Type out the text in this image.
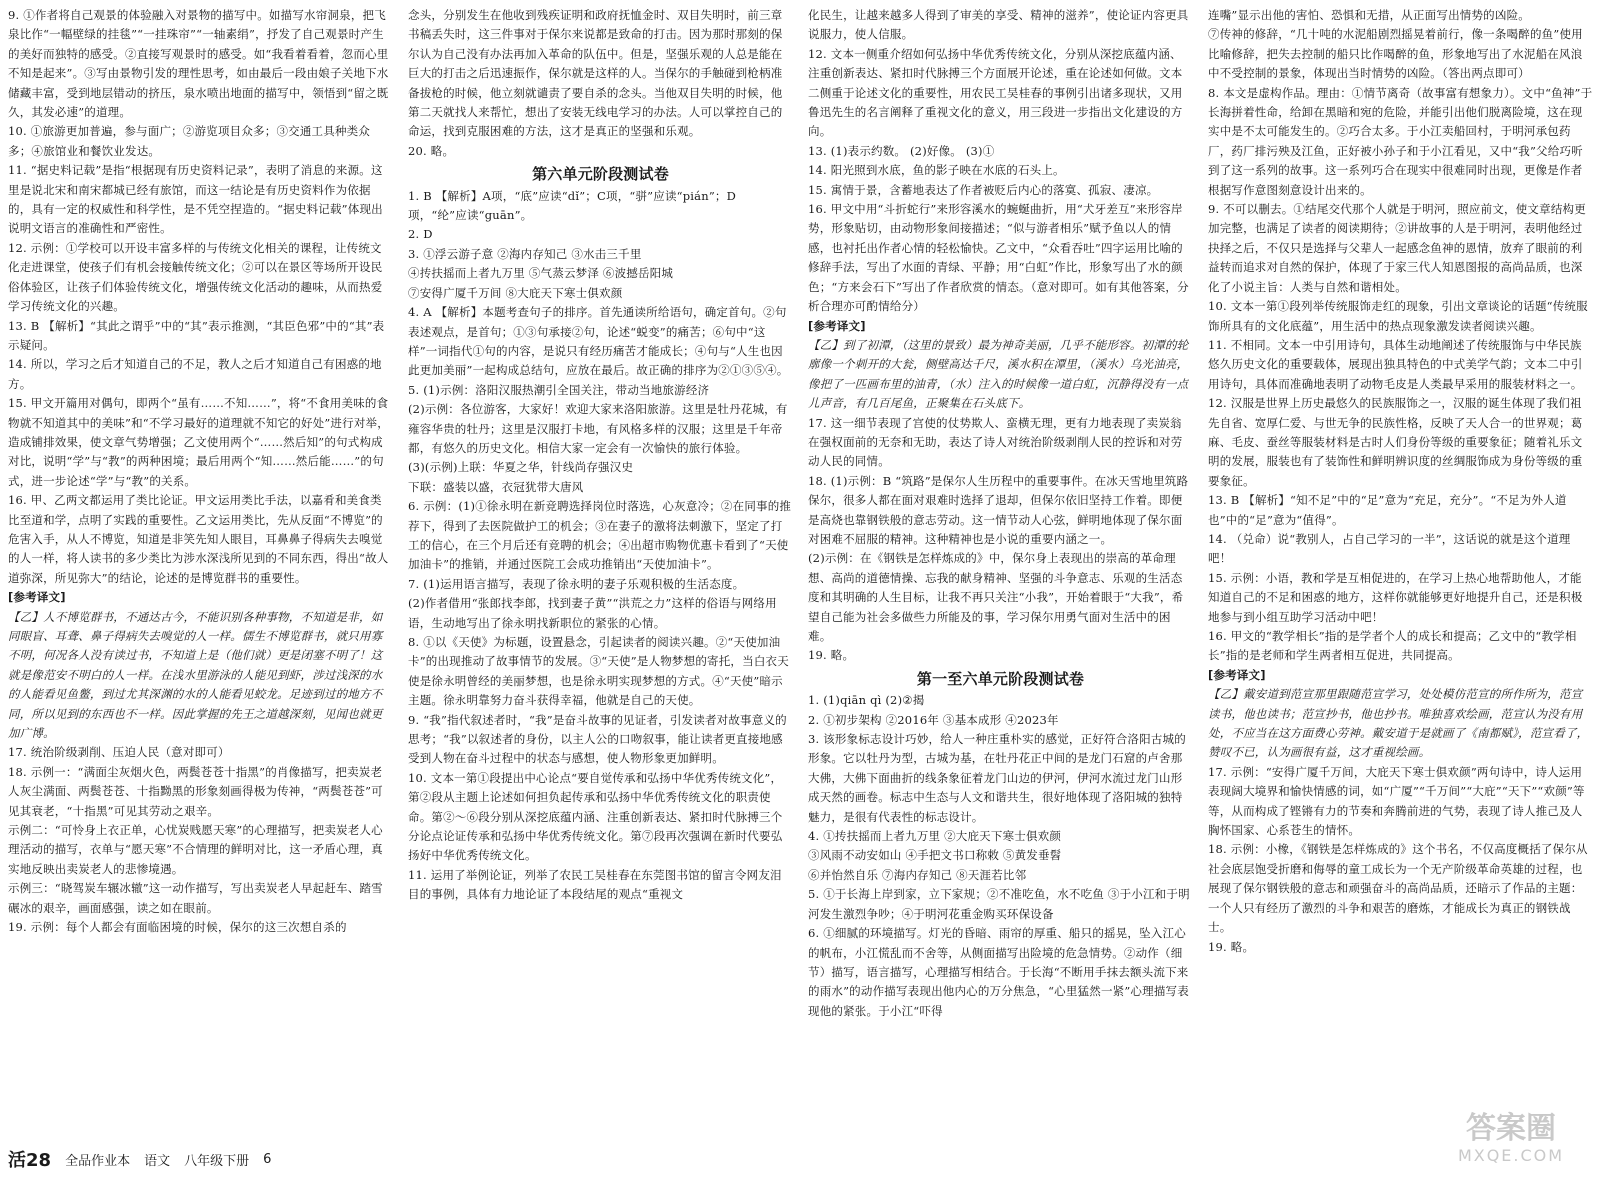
9. ①作者将自己观景的体验融入对景物的描写中。如描写水帘洞泉，把飞泉比作“一幅壁绿的挂毯”“一挂珠帘”“一轴素绢”，抒发了自己观景时产生的美好而独特的感受。②直接写观景时的感受。如“我看着看着，忽而心里不知是起来”。③写由景物引发的理性思考，如由最后一段由娘子关地下水储藏丰富，受到地层错动的挤压，泉水喷出地面的描写中，领悟到“留之既久，其发必速”的道理。
10. ①旅游更加普遍，参与面广；②游览项目众多；③交通工具种类众多；④旅馆业和餐饮业发达。
11. “据史料记载”是指“根据现有历史资料记录”，表明了消息的来源。这里是说北宋和南宋都城已经有旅馆，而这一结论是有历史资料作为依据的，具有一定的权威性和科学性，是不凭空捏造的。“据史料记载”体现出说明文语言的准确性和严密性。
12. 示例：①学校可以开设丰富多样的与传统文化相关的课程，让传统文化走进课堂，使孩子们有机会接触传统文化；②可以在景区等场所开设民俗体验区，让孩子们体验传统文化，增强传统文化活动的趣味，从而热爱学习传统文化的兴趣。
13. B 【解析】“其此之谓乎”中的“其”表示推测，“其臣色邪”中的“其”表示疑问。
14. 所以，学习之后才知道自己的不足，教人之后才知道自己有困惑的地方。
15. 甲文开篇用对偶句，即两个“虽有……不知……”，将“不食用美味的食物就不知道其中的美味”和“不学习最好的道理就不知它的好处”进行对举，造成铺排效果，使文章气势增强；乙文使用两个“……然后知”的句式构成对比，说明“学”与“教”的两种困境；最后用两个“知……然后能……”的句式，进一步论述“学”与“教”的关系。
16. 甲、乙两文都运用了类比论证。甲文运用类比手法，以嘉肴和美食类比至道和学，点明了实践的重要性。乙文运用类比，先从反面“不博览”的危害入手，从人不博览，知道是非笑先知人眼目，耳鼻鼻子得病失去嗅觉的人一样，将人读书的多少类比为涉水深浅所见到的不同东西，得出“故人道弥深，所见弥大”的结论，论述的是博览群书的重要性。
[参考译文]
【乙】人不博览群书，不通达古今，不能识别各种事物，不知道是非，如同眼盲、耳聋、鼻子得病失去嗅觉的人一样。儒生不博览群书，就只用寡不明，何况各人没有读过书，不知道上是（他们就）更是闭塞不明了！这就是像范安不明白的人一样。在浅水里游泳的人能见到虾，涉过浅深的水的人能看见鱼鳖，到过尤其深渊的水的人能看见蛟龙。足迹到过的地方不同，所以见到的东西也不一样。因此掌握的先王之道越深刻，见闻也就更加广博。
17. 统治阶级剥削、压迫人民（意对即可）
18. 示例一：“满面尘灰烟火色，两鬓苍苍十指黑”的肖像描写，把卖炭老人灰尘满面、两鬓苍苍、十指黝黑的形象刻画得极为传神，“两鬓苍苍”可见其衰老，“十指黑”可见其劳动之艰辛。
示例二：“可怜身上衣正单，心忧炭贱愿天寒”的心理描写，把卖炭老人心理活动的描写，衣单与“愿天寒”不合情理的鲜明对比，这一矛盾心理，真实地反映出卖炭老人的悲惨境遇。
示例三：“晓驾炭车辗冰辙”这一动作描写，写出卖炭老人早起赶车、踏雪碾冰的艰辛，画面感强，读之如在眼前。
19. 示例：每个人都会有面临困境的时候，保尔的这三次想自杀的
念头，分别发生在他收到残疾证明和政府抚恤金时、双目失明时，前三章书稿丢失时，这三件事对于保尔来说都是致命的打击。因为那时那刻的保尔认为自己没有办法再加入革命的队伍中。但是，坚强乐观的人总是能在巨大的打击之后迅速振作，保尔就是这样的人。当保尔的手触碰到枪柄准备拔枪的时候，他立刻就谴责了要自杀的念头。当他双目失明的时候，他第二天就找人来帮忙，想出了安装无线电学习的办法。人可以掌控自己的命运，找到克服困难的方法，这才是真正的坚强和乐观。
20. 略。
第六单元阶段测试卷
1. B 【解析】A项，“底”应读“dǐ”；C项，“骈”应读“pián”；D项，“纶”应读“guān”。
2. D
3. ①浮云游子意 ②海内存知己 ③水击三千里
④抟扶摇而上者九万里 ⑤气蒸云梦泽 ⑥波撼岳阳城
⑦安得广厦千万间 ⑧大庇天下寒士俱欢颜
4. A 【解析】本题考查句子的排序。首先通读所给语句，确定首句。②句表述观点，是首句；①③句承接②句，论述“蜕变”的痛苦；⑥句中“这样”一词指代①句的内容，是说只有经历痛苦才能成长；④句与“人生也因此更加美丽”一起构成总结句，应放在最后。故正确的排序为②①③⑤④。
5. (1)示例：洛阳汉服热潮引全国关注，带动当地旅游经济
(2)示例：各位游客，大家好！欢迎大家来洛阳旅游。这里是牡丹花城，有雍容华贵的牡丹；这里是汉服打卡地，有风格多样的汉服；这里是千年帝都，有悠久的历史文化。相信大家一定会有一次愉快的旅行体验。
(3)(示例)上联：华夏之华，针线尚存强汉史
下联：盛装以盛，衣冠犹带大唐风
6. 示例：(1)①徐永明在新竞聘选择岗位时落选，心灰意冷；②在同事的推荐下，得到了去医院做护工的机会；③在妻子的激将法刺激下，坚定了打工的信心，在三个月后还有竞聘的机会；④出超市购物优惠卡看到了“天使加油卡”的推销，并通过医院工会成功推销出“天使加油卡”。
7. (1)运用语言描写，表现了徐永明的妻子乐观积极的生活态度。
(2)作者借用“张郎找李郎，找到妻子黄”“洪荒之力”这样的俗语与网络用语，生动地写出了徐永明找新职位的紧张的心情。
8. ①以《天使》为标题，设置悬念，引起读者的阅读兴趣。②“天使加油卡”的出现推动了故事情节的发展。③“天使”是人物梦想的寄托，当白衣天使是徐永明曾经的美丽梦想，也是徐永明实现梦想的方式。④“天使”暗示主题。徐永明靠努力奋斗获得幸福，他就是自己的天使。
9. “我”指代叙述者时，“我”是奋斗故事的见证者，引发读者对故事意义的思考；“我”以叙述者的身份，以主人公的口吻叙事，能让读者更直接地感受到人物在奋斗过程中的状态与感想，使人物形象更加鲜明。
10. 文本一第①段提出中心论点“要自觉传承和弘扬中华优秀传统文化”，第②段从主题上论述如何担负起传承和弘扬中华优秀传统文化的职责使命。第②～⑥段分别从深挖底蕴内涵、注重创新表达、紧扣时代脉搏三个分论点论证传承和弘扬中华优秀传统文化。第⑦段再次强调在新时代要弘扬好中华优秀传统文化。
11. 运用了举例论证，列举了农民工吴桂春在东莞图书馆的留言令网友泪目的事例，具体有力地论证了本段结尾的观点“重视文
化民生，让越来越多人得到了审美的享受、精神的滋养”，使论证内容更具说服力，使人信服。
12. 文本一侧重介绍如何弘扬中华优秀传统文化，分别从深挖底蕴内涵、注重创新表达、紧扣时代脉搏三个方面展开论述，重在论述如何做。文本二侧重于论述文化的重要性，用农民工吴桂春的事例引出诸多现状，又用鲁迅先生的名言阐释了重视文化的意义，用三段进一步指出文化建设的方向。
13. (1)表示约数。 (2)好像。 (3)①
14. 阳光照到水底，鱼的影子映在水底的石头上。
15. 寓情于景，含蓄地表达了作者被贬后内心的落寞、孤寂、凄凉。
16. 甲文中用“斗折蛇行”来形容溪水的蜿蜒曲折，用“犬牙差互”来形容岸势，形象贴切，由动物形象间接描述；“似与游者相乐”赋予鱼以人的情感，也衬托出作者心情的轻松愉快。乙文中，“众看吞吐”四字运用比喻的修辞手法，写出了水面的青绿、平静；用“白虹”作比，形象写出了水的颜色；“方来会石下”写出了作者欣赏的情态。（意对即可。如有其他答案，分析合理亦可酌情给分）
[参考译文]
【乙】到了初潭，（这里的景致）最为神奇美丽，几乎不能形容。初潭的轮廓像一个刺开的大瓮，侧壁高达千尺，溪水积在潭里，（溪水）乌光油亮，像把了一匹画布里的油青，（水）注入的时候像一道白虹，沉静得没有一点儿声音，有几百尾鱼，正聚集在石头底下。
17. 这一细节表现了宫使的仗势欺人、蛮横无理，更有力地表现了卖炭翁在强权面前的无奈和无助，表达了诗人对统治阶级剥削人民的控诉和对劳动人民的同情。
18. (1)示例：B “筑路”是保尔人生历程中的重要事件。在冰天雪地里筑路保尔，很多人都在面对艰难时选择了退却，但保尔依旧坚持工作着。即便是高烧也靠钢铁般的意志劳动。这一情节动人心弦，鲜明地体现了保尔面对困难不屈服的精神。这种精神也是小说的重要内涵之一。
(2)示例：在《钢铁是怎样炼成的》中，保尔身上表现出的崇高的革命理想、高尚的道德情操、忘我的献身精神、坚强的斗争意志、乐观的生活态度和其明确的人生目标，让我不再只关注“小我”，开始着眼于“大我”，希望自己能为社会多做些力所能及的事，学习保尔用勇气面对生活中的困难。
19. 略。
第一至六单元阶段测试卷
1. (1)qiān qì (2)②揭
2. ①初步架构 ②2016年 ③基本成形 ④2023年
3. 该形象标志设计巧妙，给人一种庄重朴实的感觉，正好符合洛阳古城的形象。它以牡丹为型，古城为基，在牡丹花正中间的是龙门石窟的卢舍那大佛，大佛下面曲折的线条象征着龙门山边的伊河，伊河水流过龙门山形成天然的画卷。标志中生态与人文和谐共生，很好地体现了洛阳城的独特魅力，是很有代表性的标志设计。
4. ①抟扶摇而上者九万里 ②大庇天下寒士俱欢颜
③风雨不动安如山 ④手把文书口称敕 ⑤黄发垂髫
⑥并怡然自乐 ⑦海内存知己 ⑧天涯若比邻
5. ①于长海上岸到家，立下家规；②不准吃鱼，水不吃鱼 ③于小江和于明河发生激烈争吵；④于明河花重金购买环保设备
6. ①细腻的环境描写。灯光的昏暗、雨帘的厚重、船只的摇晃，坠入江心的帆布，小江慌乱而不舍等，从侧面描写出险境的危急情势。②动作（细节）描写，语言描写，心理描写相结合。于长海“不断用手抹去额头流下来的雨水”的动作描写表现出他内心的万分焦急，“心里猛然一紧”心理描写表现他的紧张。于小江“吓得
连嘴”显示出他的害怕、恐惧和无措，从正面写出情势的凶险。
⑦传神的修辞，“几十吨的水泥船剧烈摇晃着前行，像一条喝醉的鱼”使用比喻修辞，把失去控制的船只比作喝醉的鱼，形象地写出了水泥船在风浪中不受控制的景象，体现出当时情势的凶险。（答出两点即可）
8. 本文是虚构作品。理由：①情节离奇（故事富有想象力）。文中“鱼神”于长海拼着性命，给卸在黑暗和宛的危险，并能引出他们脱离险境，这在现实中是不太可能发生的。②巧合太多。于小江卖船回村，于明河承包药厂，药厂排污殃及江鱼，正好被小孙子和于小江看见，又中“我”父给巧听到了这一系列的故事。这一系列巧合在现实中很难同时出现，更像是作者根据写作意图刻意设计出来的。
9. 不可以删去。①结尾交代那个人就是于明河，照应前文，使文章结构更加完整，也满足了读者的阅读期待；②讲故事的人是于明河，表明他经过抉择之后，不仅只是选择与父辈人一起感念鱼神的恩情，放弃了眼前的利益转而追求对自然的保护，体现了于家三代人知恩图报的高尚品质，也深化了小说主旨：人类与自然和谐相处。
10. 文本一第①段列举传统服饰走红的现象，引出文章谈论的话题“传统服饰所具有的文化底蕴”，用生活中的热点现象激发读者阅读兴趣。
11. 不相同。文本一中引用诗句，具体生动地阐述了传统服饰与中华民族悠久历史文化的重要载体，展现出独具特色的中式美学气韵；文本二中引用诗句，具体而准确地表明了动物毛皮是人类最早采用的服装材料之一。
12. 汉服是世界上历史最悠久的民族服饰之一，汉服的诞生体现了我们祖先自省、宽厚仁爱、与世无争的民族性格，反映了天人合一的世界观；葛麻、毛皮、蚕丝等服装材料是古时人们身份等级的重要象征；随着礼乐文明的发展，服装也有了装饰性和鲜明辨识度的丝绸服饰成为身份等级的重要象征。
13. B 【解析】“知不足”中的“足”意为“充足，充分”。“不足为外人道也”中的“足”意为“值得”。
14. （兑命）说“教别人，占自己学习的一半”，这话说的就是这个道理吧！
15. 示例：小语，教和学是互相促进的，在学习上热心地帮助他人，才能知道自己的不足和困惑的地方，这样你就能够更好地提升自己，还是积极地参与到小组互助学习活动中吧！
16. 甲文的“教学相长”指的是学者个人的成长和提高；乙文中的“教学相长”指的是老师和学生两者相互促进，共同提高。
[参考译文]
【乙】戴安道到范宣那里跟随范宣学习，处处模仿范宣的所作所为，范宣读书，他也读书；范宣抄书，他也抄书。唯独喜欢绘画，范宣认为没有用处，不应当在这方面费心劳神。戴安道于是就画了《南都赋》，范宣看了，赞叹不已，认为画很有益，这才重视绘画。
17. 示例：“安得广厦千万间，大庇天下寒士俱欢颜”两句诗中，诗人运用表现阔大境界和愉快情感的词，如“广厦”“千万间”“大庇”“天下”“欢颜”等等，从而构成了铿锵有力的节奏和奔腾前进的气势，表现了诗人推己及人胸怀国家、心系苍生的情怀。
18. 示例：小橡，《钢铁是怎样炼成的》这个书名，不仅高度概括了保尔从社会底层饱受折磨和侮辱的童工成长为一个无产阶级革命英雄的过程，也展现了保尔钢铁般的意志和顽强奋斗的高尚品质，还暗示了作品的主题：一个人只有经历了激烈的斗争和艰苦的磨炼，才能成长为真正的钢铁战士。
19. 略。
活28 全品作业本 语文 八年级下册 6
答案圈
MXQE.COM
